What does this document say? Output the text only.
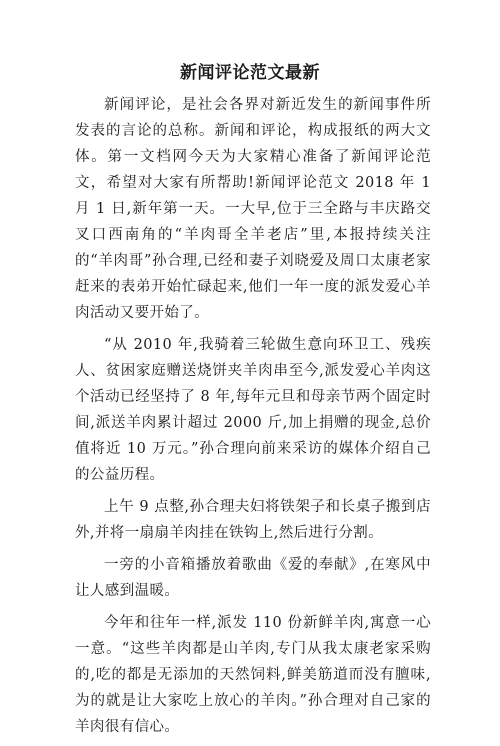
新闻评论范文最新

新闻评论，是社会各界对新近发生的新闻事件所发表的言论的总称。新闻和评论，构成报纸的两大文体。第一文档网今天为大家精心准备了新闻评论范文，希望对大家有所帮助!新闻评论范文 2018 年 1 月 1 日,新年第一天。一大早,位于三全路与丰庆路交叉口西南角的“羊肉哥全羊老店”里,本报持续关注的“羊肉哥”孙合理,已经和妻子刘晓爱及周口太康老家赶来的表弟开始忙碌起来,他们一年一度的派发爱心羊肉活动又要开始了。

“从 2010 年,我骑着三轮做生意向环卫工、残疾人、贫困家庭赠送烧饼夹羊肉串至今,派发爱心羊肉这个活动已经坚持了 8 年,每年元旦和母亲节两个固定时间,派送羊肉累计超过 2000 斤,加上捐赠的现金,总价值将近 10 万元。”孙合理向前来采访的媒体介绍自己的公益历程。

上午 9 点整,孙合理夫妇将铁架子和长桌子搬到店外,并将一扇扇羊肉挂在铁钩上,然后进行分割。

一旁的小音箱播放着歌曲《爱的奉献》,在寒风中让人感到温暖。

今年和往年一样,派发 110 份新鲜羊肉,寓意一心一意。“这些羊肉都是山羊肉,专门从我太康老家采购的,吃的都是无添加的天然饲料,鲜美筋道而没有膻味,为的就是让大家吃上放心的羊肉。”孙合理对自己家的羊肉很有信心。
